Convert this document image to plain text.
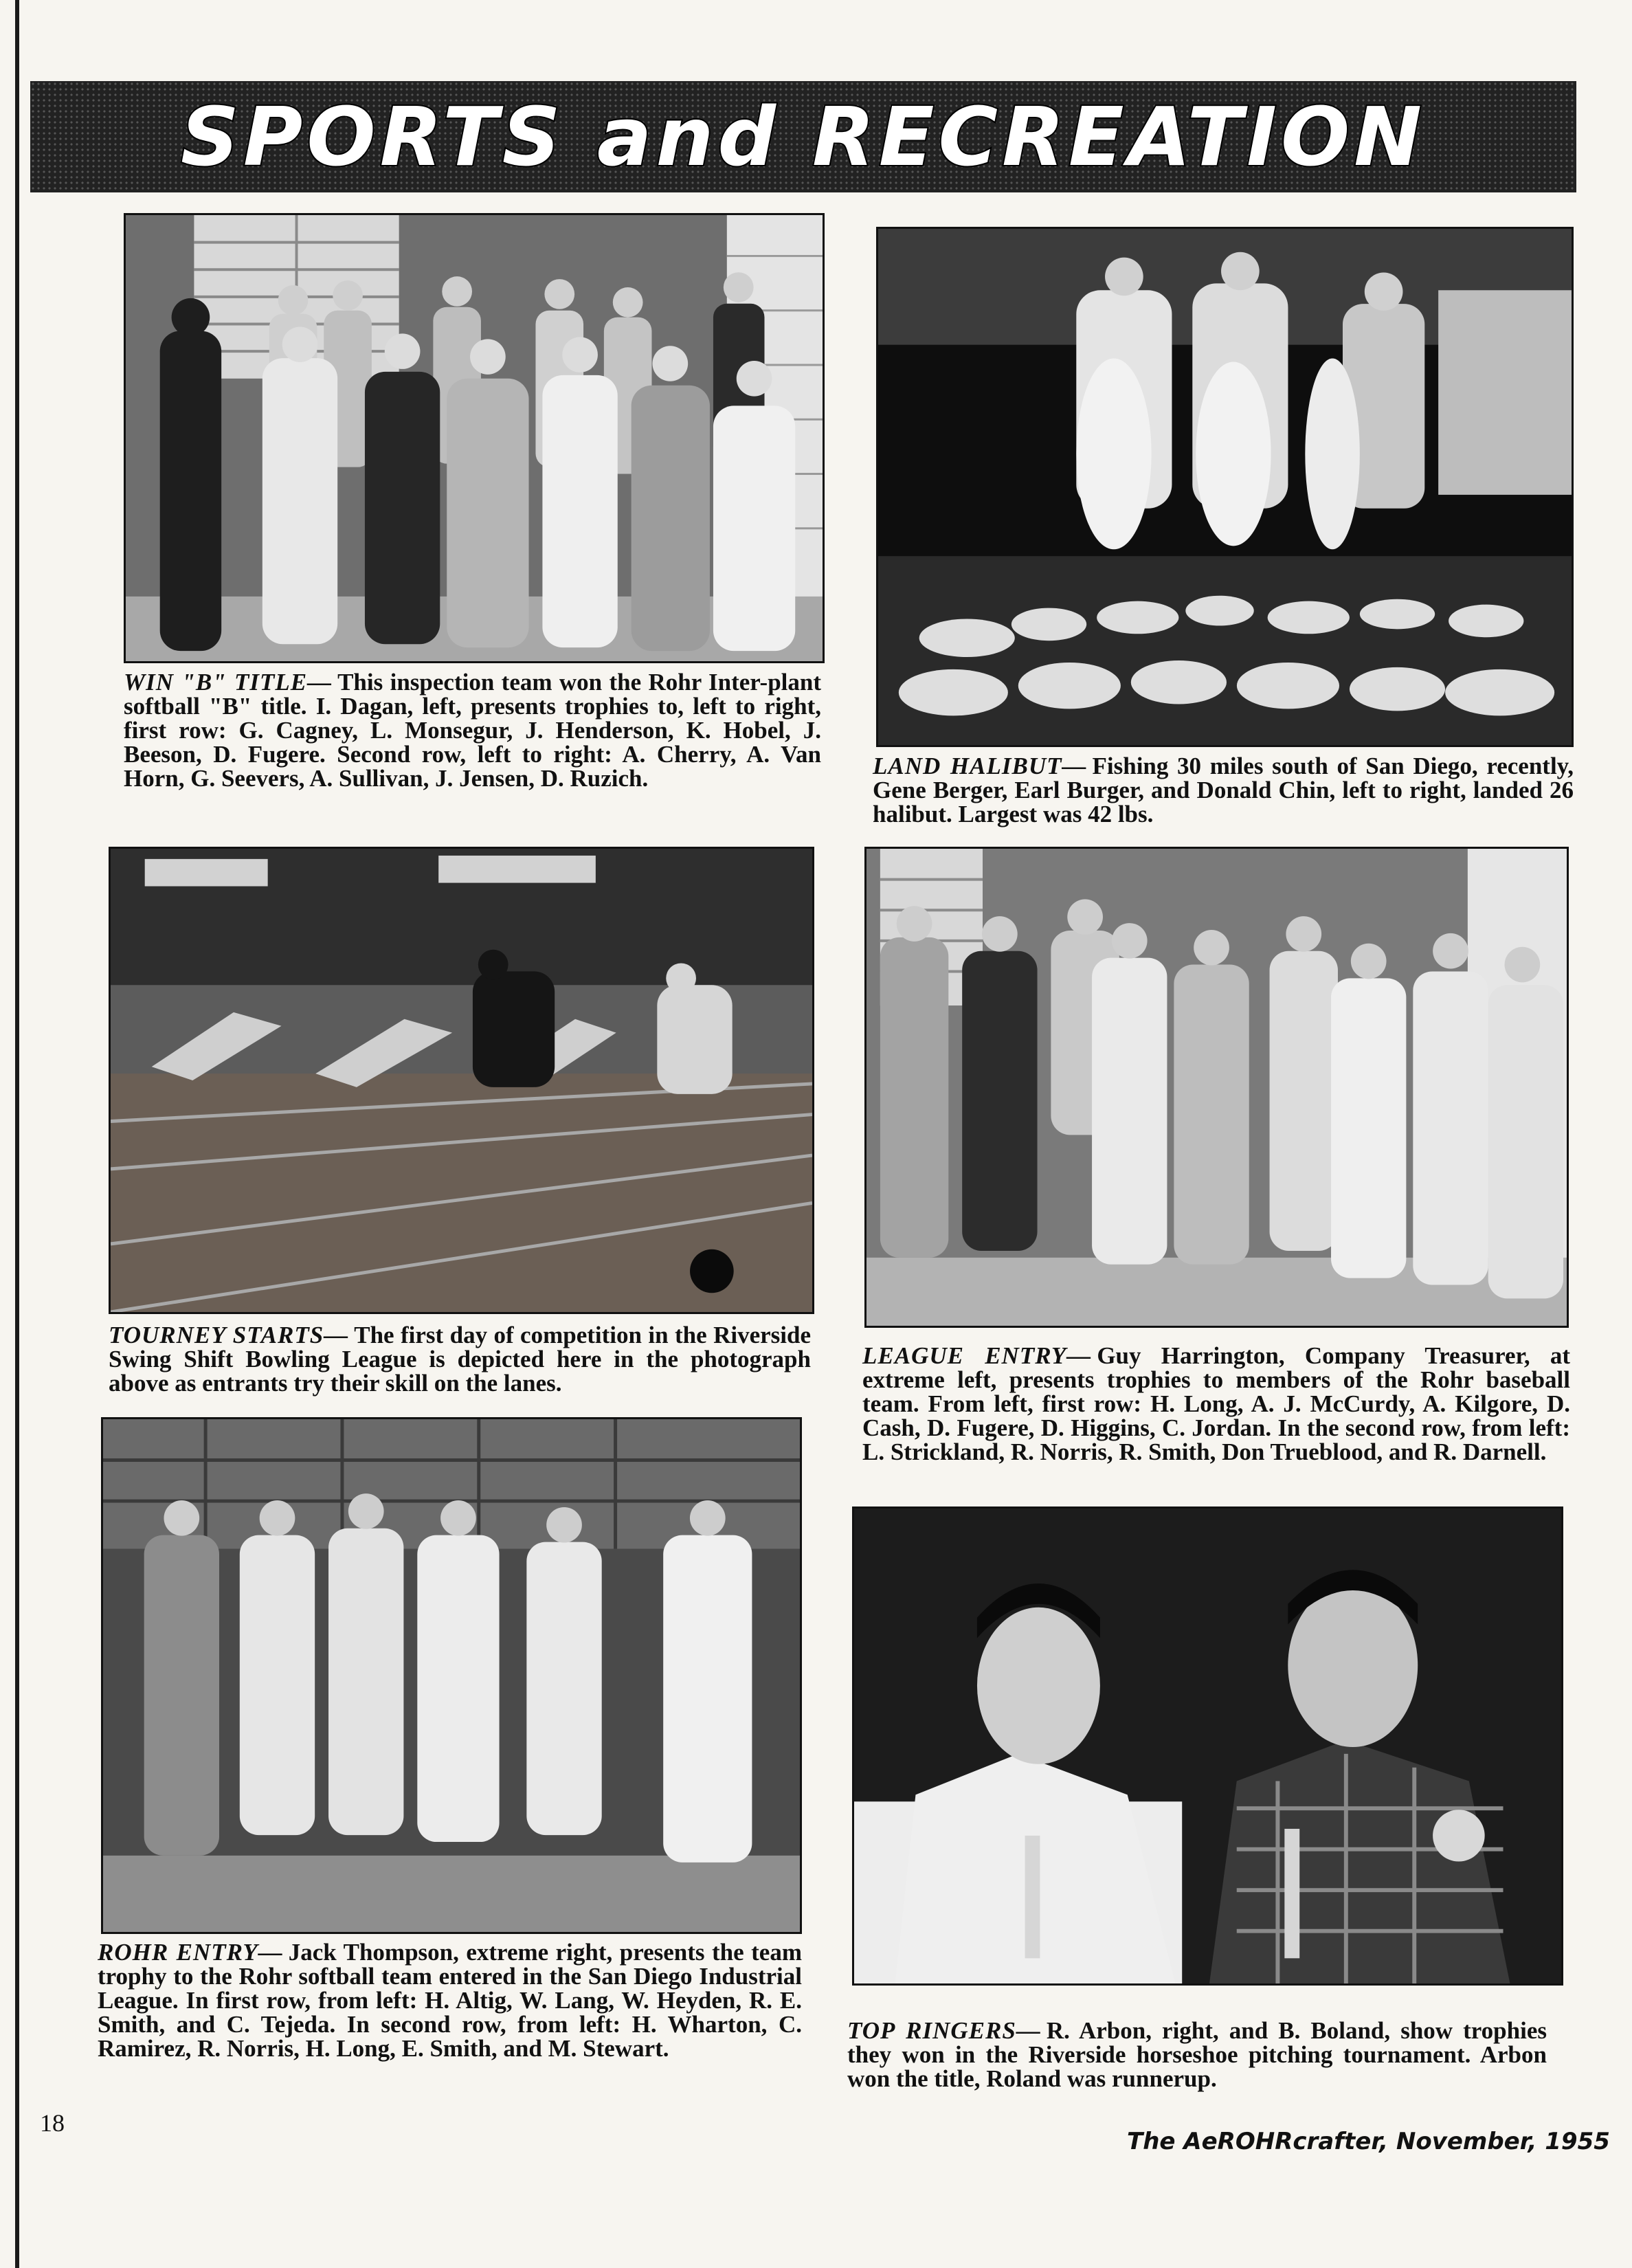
SPORTS and RECREATION
WIN "B" TITLE— This inspection team won the Rohr Inter-plant softball "B" title. I. Dagan, left, presents trophies to, left to right, first row: G. Cagney, L. Monsegur, J. Henderson, K. Hobel, J. Beeson, D. Fugere. Second row, left to right: A. Cherry, A. Van Horn, G. Seevers, A. Sullivan, J. Jensen, D. Ruzich.	LAND HALIBUT— Fishing 30 miles south of San Diego, recently, Gene Berger, Earl Burger, and Donald Chin, left to right, landed 26 halibut. Largest was 42 lbs.
TOURNEY STARTS— The first day of competition in the Riverside Swing Shift Bowling League is depicted here in the photograph above as entrants try their skill on the lanes.
LEAGUE ENTRY— Guy Harrington, Company Treasurer, at extreme left, presents trophies to members of the Rohr baseball team. From left, first row: H. Long, A. J. McCurdy, A. Kilgore, D. Cash, D. Fugere, D. Higgins, C. Jordan. In the second row, from left: L. Strickland, R. Norris, R. Smith, Don Trueblood, and R. Darnell.
ROHR ENTRY— Jack Thompson, extreme right, presents the team trophy to the Rohr softball team entered in the San Diego Industrial League. In first row, from left: H. Altig, W. Lang, W. Heyden, R. E. Smith, and C. Tejeda. In second row, from left: H. Wharton, C. Ramirez, R. Norris, H. Long, E. Smith, and M. Stewart.
TOP RINGERS— R. Arbon, right, and B. Boland, show trophies they won in the Riverside horseshoe pitching tournament. Arbon won the title, Roland was runnerup.
18
The AeROHRcrafter, November, 1955
